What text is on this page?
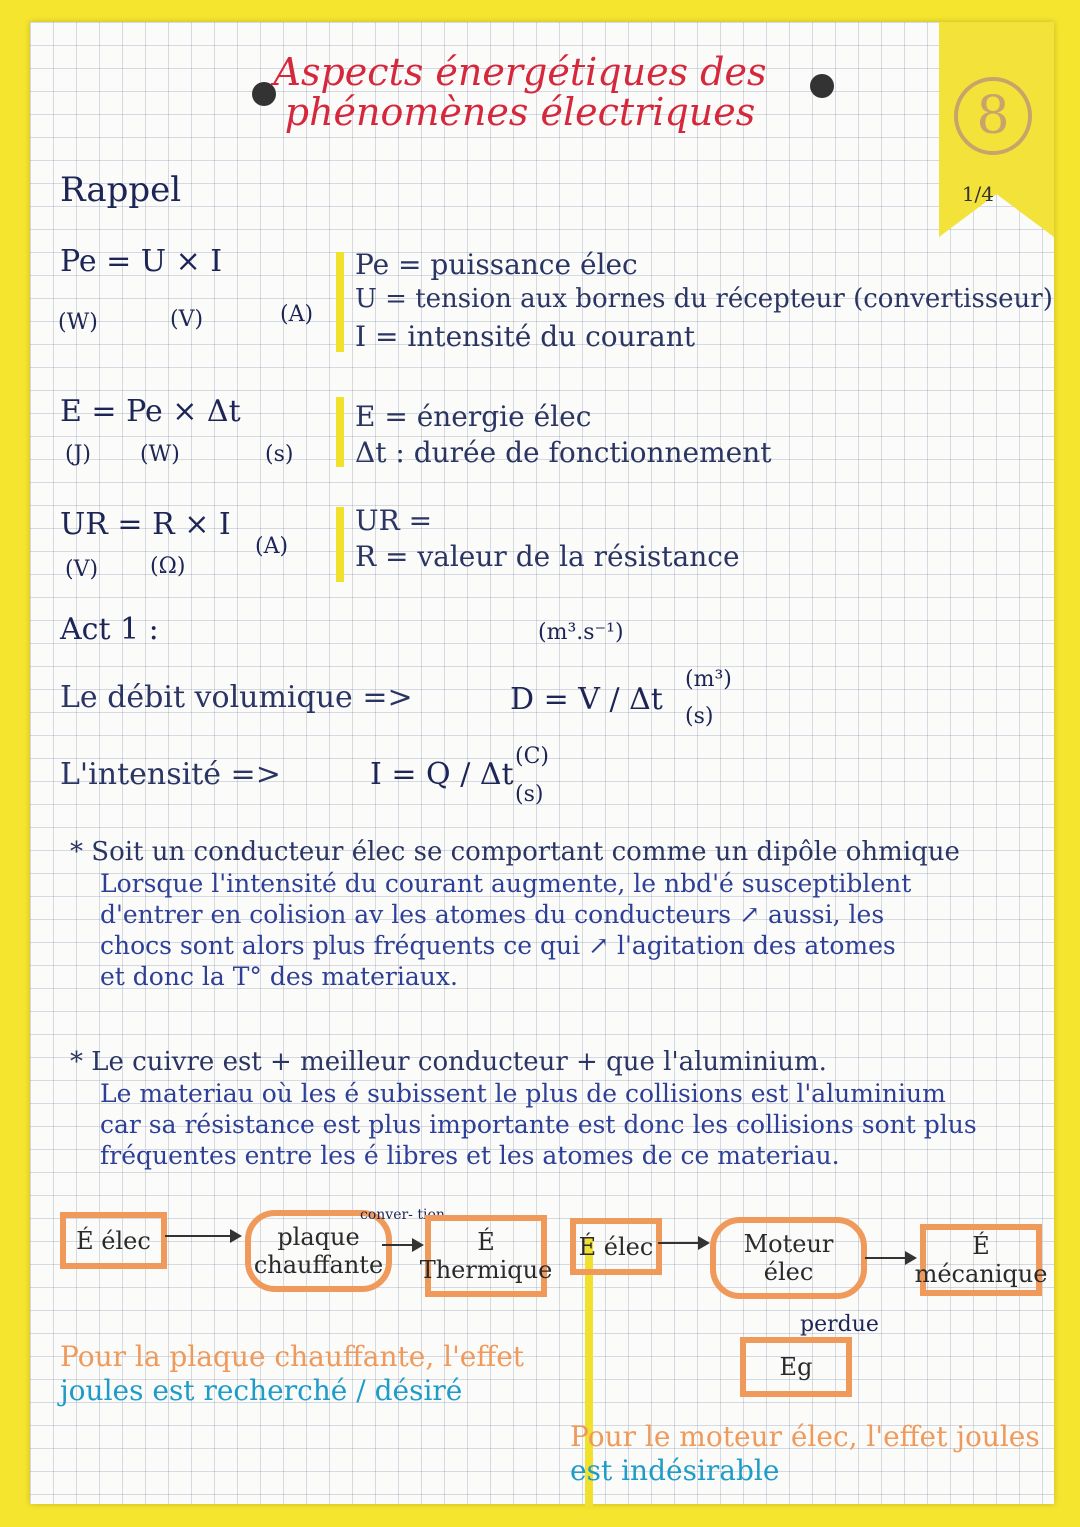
8
1/4
Aspects énergétiques des
phénomènes électriques
Rappel
Pe = U × I
(W)	(V)	(A)
Pe = puissance élec
U = tension aux bornes du récepteur (convertisseur)
I = intensité du courant
E = Pe × Δt
(J) (W)	(s)
E = énergie élec
Δt : durée de fonctionnement
UR = R × I
(V) (Ω)
(A)
UR =
R = valeur de la résistance
Act 1 :	(m³.s⁻¹)
Le débit volumique =>	D = V / Δt
(m³)
(s)
L'intensité =>	I = Q / Δt
(C)
(s)
* Soit un conducteur élec se comportant comme un dipôle ohmique
Lorsque l'intensité du courant augmente, le nbd'é susceptiblent
d'entrer en colision av les atomes du conducteurs ↗ aussi, les
chocs sont alors plus fréquents ce qui ↗ l'agitation des atomes
et donc la T° des materiaux.
* Le cuivre est + meilleur conducteur + que l'aluminium.
Le materiau où les é subissent le plus de collisions est l'aluminium
car sa résistance est plus importante est donc les collisions sont plus
fréquentes entre les é libres et les atomes de ce materiau.
É élec	plaque
chauffante
conver- tion
É
Thermique
Pour la plaque chauffante, l'effet
joules est recherché / désiré
É élec	Moteur
élec
É
mécanique
perdue
Eg
Pour le moteur élec, l'effet joules
est indésirable
